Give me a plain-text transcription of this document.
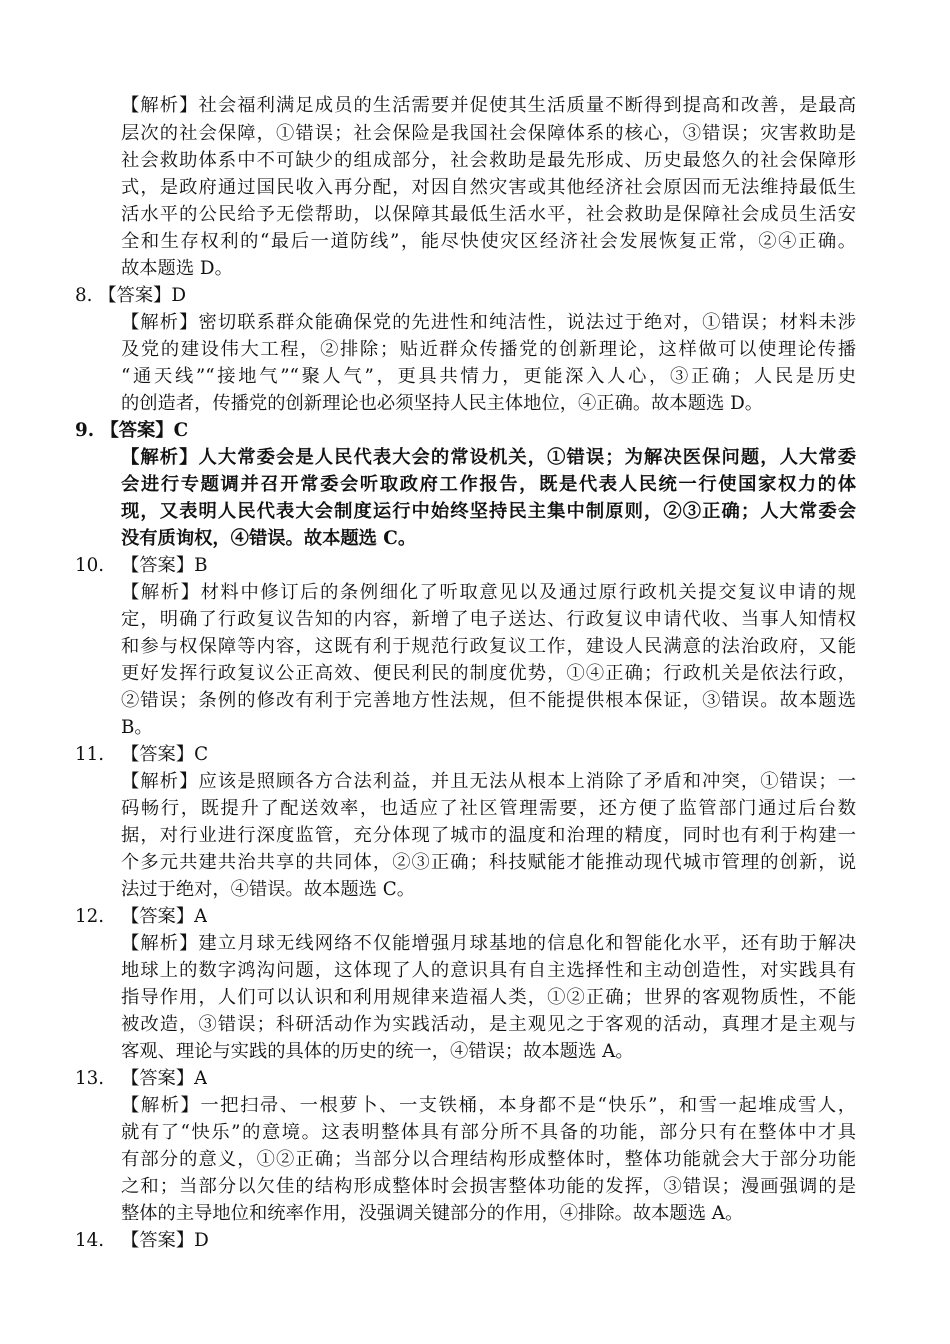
【解析】社会福利满足成员的生活需要并促使其生活质量不断得到提高和改善，是最高
层次的社会保障，①错误；社会保险是我国社会保障体系的核心，③错误；灾害救助是
社会救助体系中不可缺少的组成部分，社会救助是最先形成、历史最悠久的社会保障形
式，是政府通过国民收入再分配，对因自然灾害或其他经济社会原因而无法维持最低生
活水平的公民给予无偿帮助，以保障其最低生活水平，社会救助是保障社会成员生活安
全和生存权利的“最后一道防线”，能尽快使灾区经济社会发展恢复正常，②④正确。
故本题选 D。
8. 【答案】D
【解析】密切联系群众能确保党的先进性和纯洁性，说法过于绝对，①错误；材料未涉
及党的建设伟大工程，②排除；贴近群众传播党的创新理论，这样做可以使理论传播
“通天线”“接地气”“聚人气”，更具共情力，更能深入人心，③正确；人民是历史
的创造者，传播党的创新理论也必须坚持人民主体地位，④正确。故本题选 D。
9. 【答案】C
【解析】人大常委会是人民代表大会的常设机关，①错误；为解决医保问题，人大常委
会进行专题调并召开常委会听取政府工作报告，既是代表人民统一行使国家权力的体
现，又表明人民代表大会制度运行中始终坚持民主集中制原则，②③正确；人大常委会
没有质询权，④错误。故本题选 C。
10. 【答案】B
【解析】材料中修订后的条例细化了听取意见以及通过原行政机关提交复议申请的规
定，明确了行政复议告知的内容，新增了电子送达、行政复议申请代收、当事人知情权
和参与权保障等内容，这既有利于规范行政复议工作，建设人民满意的法治政府，又能
更好发挥行政复议公正高效、便民利民的制度优势，①④正确；行政机关是依法行政，
②错误；条例的修改有利于完善地方性法规，但不能提供根本保证，③错误。故本题选
B。
11. 【答案】C
【解析】应该是照顾各方合法利益，并且无法从根本上消除了矛盾和冲突，①错误；一
码畅行，既提升了配送效率，也适应了社区管理需要，还方便了监管部门通过后台数
据，对行业进行深度监管，充分体现了城市的温度和治理的精度，同时也有利于构建一
个多元共建共治共享的共同体，②③正确；科技赋能才能推动现代城市管理的创新，说
法过于绝对，④错误。故本题选 C。
12. 【答案】A
【解析】建立月球无线网络不仅能增强月球基地的信息化和智能化水平，还有助于解决
地球上的数字鸿沟问题，这体现了人的意识具有自主选择性和主动创造性，对实践具有
指导作用，人们可以认识和利用规律来造福人类，①②正确；世界的客观物质性，不能
被改造，③错误；科研活动作为实践活动，是主观见之于客观的活动，真理才是主观与
客观、理论与实践的具体的历史的统一，④错误；故本题选 A。
13. 【答案】A
【解析】一把扫帚、一根萝卜、一支铁桶，本身都不是“快乐”，和雪一起堆成雪人，
就有了“快乐”的意境。这表明整体具有部分所不具备的功能，部分只有在整体中才具
有部分的意义，①②正确；当部分以合理结构形成整体时，整体功能就会大于部分功能
之和；当部分以欠佳的结构形成整体时会损害整体功能的发挥，③错误；漫画强调的是
整体的主导地位和统率作用，没强调关键部分的作用，④排除。故本题选 A。
14. 【答案】D
